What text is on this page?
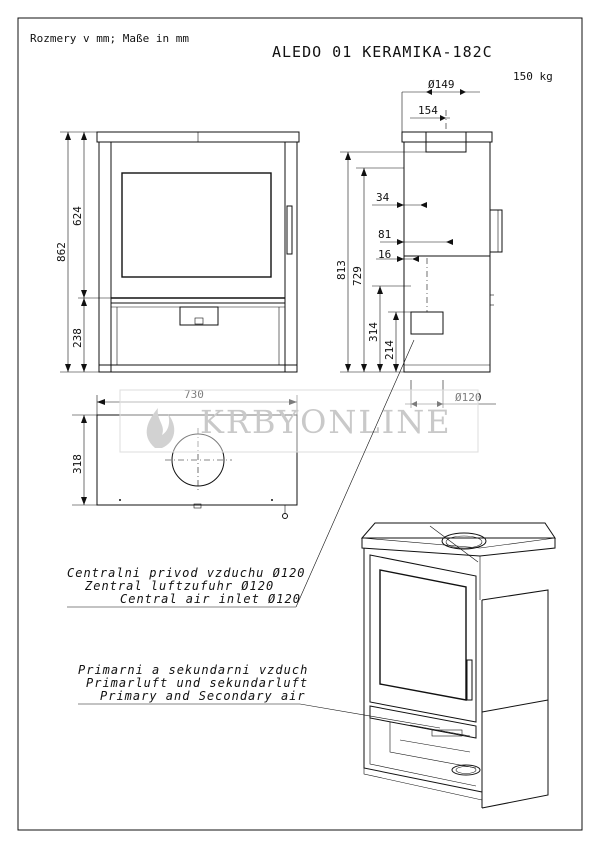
Rozmery v mm; Maße in mm
ALEDO 01 KERAMIKA-182C
150 kg
862
624
238
Ø149
154
813 729
34
81
16
314
214
Ø120
730
318
KRBYONLINE
Centralni privod vzduchu Ø120
Zentral luftzufuhr Ø120
Central air inlet Ø120
Primarni a sekundarni vzduch
Primarluft und sekundarluft
Primary and Secondary air
